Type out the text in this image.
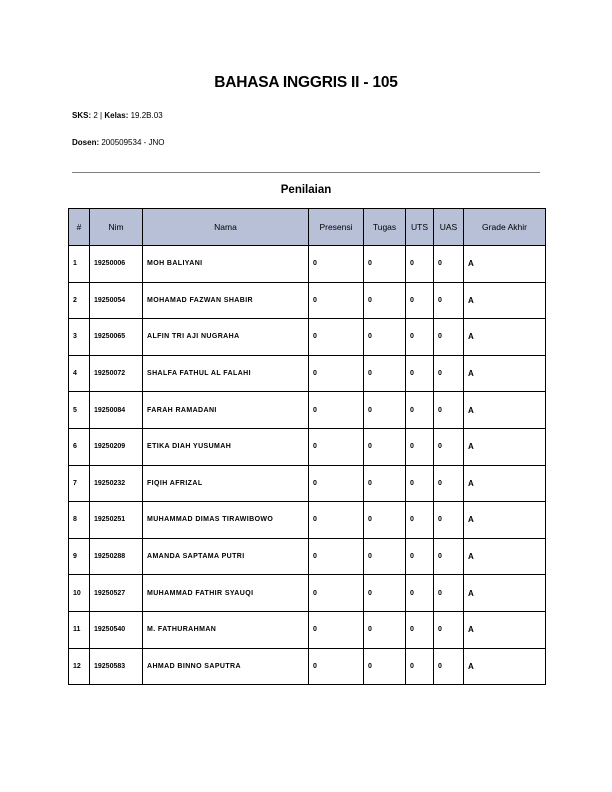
BAHASA INGGRIS II - 105
SKS: 2 | Kelas: 19.2B.03
Dosen: 200509534 - JNO
Penilaian
#	Nim	Nama	Presensi	Tugas	UTS	UAS	Grade Akhir
1	19250006	MOH BALIYANI	0	0	0	0	A
2	19250054	MOHAMAD FAZWAN SHABIR	0	0	0	0	A
3	19250065	ALFIN TRI AJI NUGRAHA	0	0	0	0	A
4	19250072	SHALFA FATHUL AL FALAHI	0	0	0	0	A
5	19250084	FARAH RAMADANI	0	0	0	0	A
6	19250209	ETIKA DIAH YUSUMAH	0	0	0	0	A
7	19250232	FIQIH AFRIZAL	0	0	0	0	A
8	19250251	MUHAMMAD DIMAS TIRAWIBOWO	0	0	0	0	A
9	19250288	AMANDA SAPTAMA PUTRI	0	0	0	0	A
10	19250527	MUHAMMAD FATHIR SYAUQI	0	0	0	0	A
11	19250540	M. FATHURAHMAN	0	0	0	0	A
12	19250583	AHMAD BINNO SAPUTRA	0	0	0	0	A
